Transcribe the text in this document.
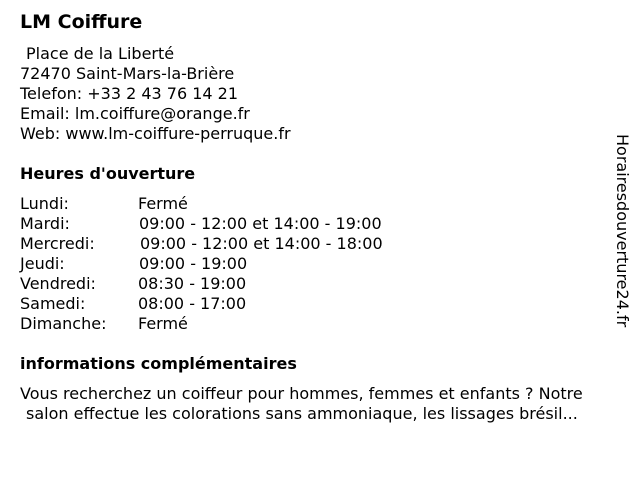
LM Coiffure
Place de la Liberté
72470 Saint-Mars-la-Brière
Telefon: +33 2 43 76 14 21
Email: lm.coiffure@orange.fr
Web: www.lm-coiffure-perruque.fr
Heures d'ouverture
Lundi:	Fermé
Mardi:	09:00 - 12:00 et 14:00 - 19:00
Mercredi:	09:00 - 12:00 et 14:00 - 18:00
Jeudi:	09:00 - 19:00
Vendredi:	08:30 - 19:00
Samedi:	08:00 - 17:00
Dimanche: Fermé
informations complémentaires
Vous recherchez un coiffeur pour hommes, femmes et enfants ? Notre
salon effectue les colorations sans ammoniaque, les lissages brésil...
Horairesdouverture24.fr
